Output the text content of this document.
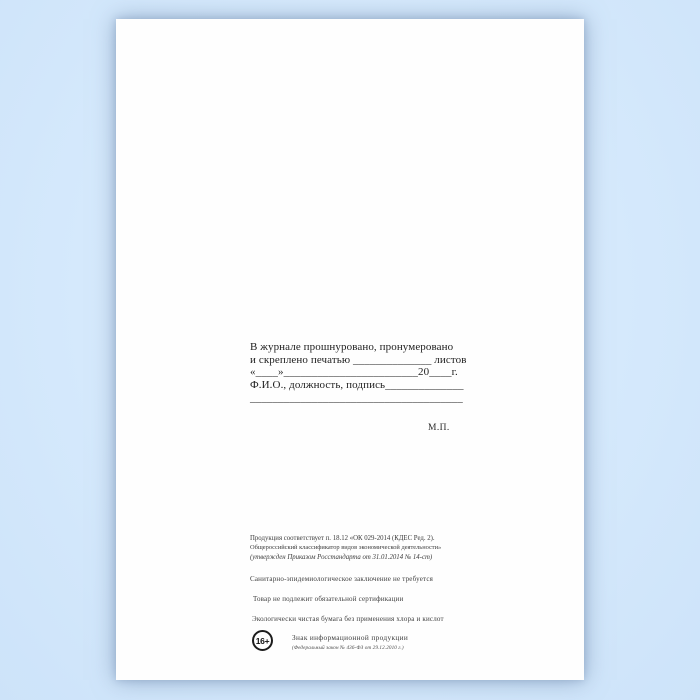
В журнале прошнуровано, пронумеровано
и скреплено печатью ______________ листов
«____»________________________20____г.
Ф.И.О., должность, подпись______________
______________________________________
М.П.
Продукция соответствует п. 18.12 «ОК 029-2014 (КДЕС Ред. 2).
Общероссийский классификатор видов экономической деятельности»
(утвержден Приказом Росстандарта от 31.01.2014 № 14-ст)
Санитарно-эпидемиологическое заключение не требуется
Товар не подлежит обязательной сертификации
Экологически чистая бумага без применения хлора и кислот
16+	Знак информационной продукции
(Федеральный закон № 436-ФЗ от 29.12.2010 г.)
